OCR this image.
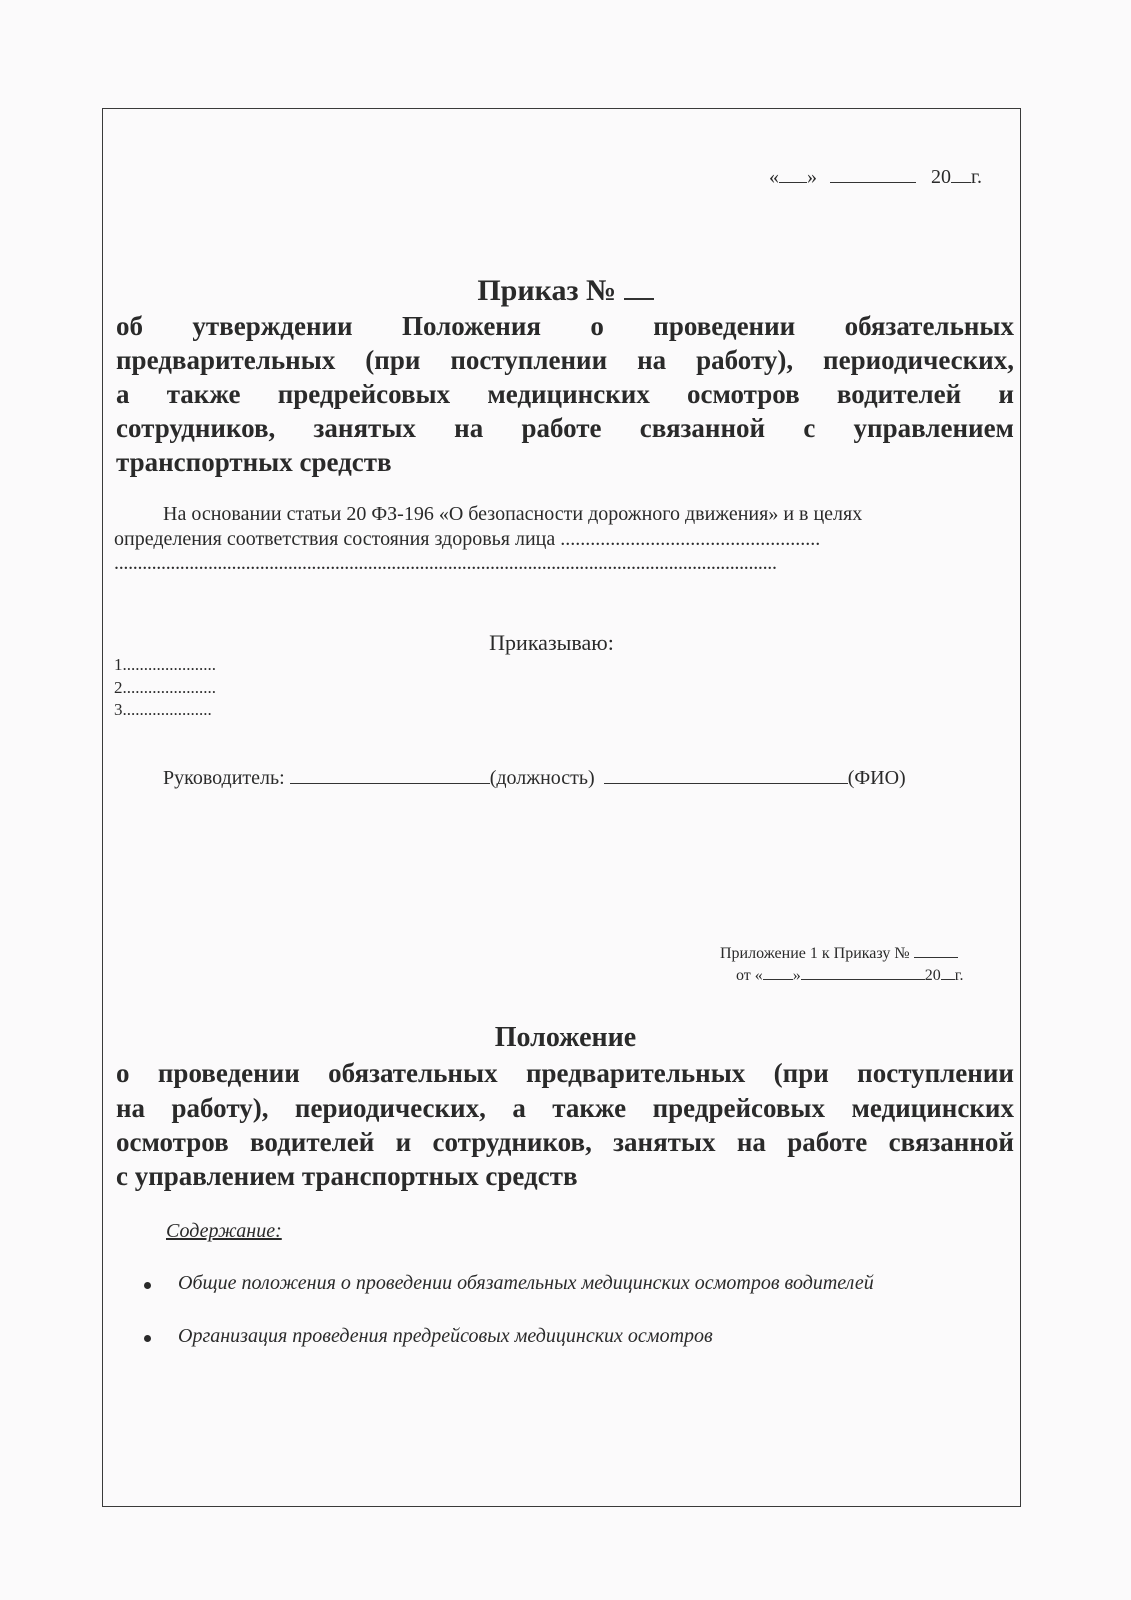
« »	20 г.
Приказ №
об утверждении Положения о проведении обязательных
предварительных (при поступлении на работу), периодических,
а также предрейсовых медицинских осмотров водителей и
сотрудников, занятых на работе связанной с управлением
транспортных средств
На основании статьи 20 ФЗ-196 «О безопасности дорожного движения» и в целях
определения соответствия состояния здоровья лица ....................................................
.............................................................................................................................................
Приказываю:
1......................
2......................
3.....................
Руководитель:	(должность)	(ФИО)
Приложение 1 к Приказу №
от « »	20 г.
Положение
о проведении обязательных предварительных (при поступлении
на работу), периодических, а также предрейсовых медицинских
осмотров водителей и сотрудников, занятых на работе связанной
с управлением транспортных средств
Содержание:
Общие положения о проведении обязательных медицинских осмотров водителей
Организация проведения предрейсовых медицинских осмотров
